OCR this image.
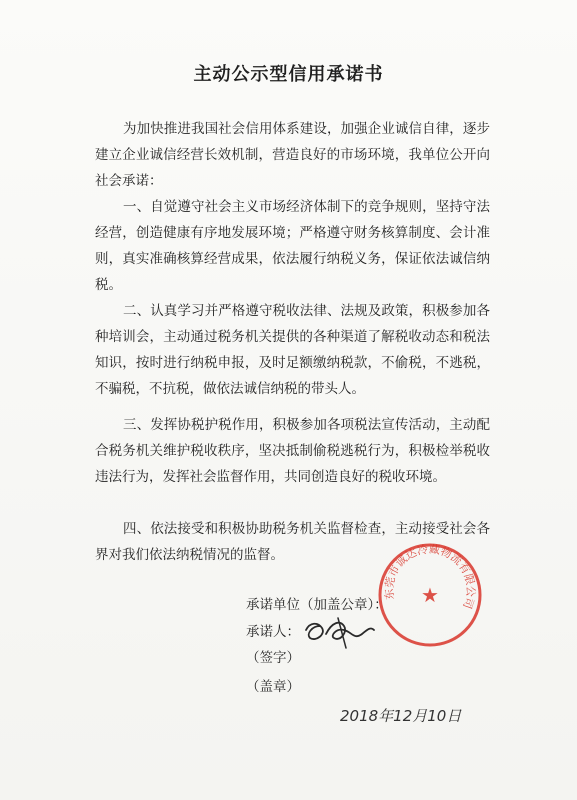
主动公示型信用承诺书
为加快推进我国社会信用体系建设，加强企业诚信自律，逐步建立企业诚信经营长效机制，营造良好的市场环境，我单位公开向社会承诺：
一、自觉遵守社会主义市场经济体制下的竞争规则，坚持守法经营，创造健康有序地发展环境；严格遵守财务核算制度、会计准则，真实准确核算经营成果，依法履行纳税义务，保证依法诚信纳税。
二、认真学习并严格遵守税收法律、法规及政策，积极参加各种培训会，主动通过税务机关提供的各种渠道了解税收动态和税法知识，按时进行纳税申报，及时足额缴纳税款，不偷税，不逃税，不骗税，不抗税，做依法诚信纳税的带头人。
三、发挥协税护税作用，积极参加各项税法宣传活动，主动配合税务机关维护税收秩序，坚决抵制偷税逃税行为，积极检举税收违法行为，发挥社会监督作用，共同创造良好的税收环境。
四、依法接受和积极协助税务机关监督检查，主动接受社会各界对我们依法纳税情况的监督。
承诺单位（加盖公章）：
承诺人：
（签字）
（盖章）
东莞市诚达冷藏物流有限公司
★
2018年12月10日
